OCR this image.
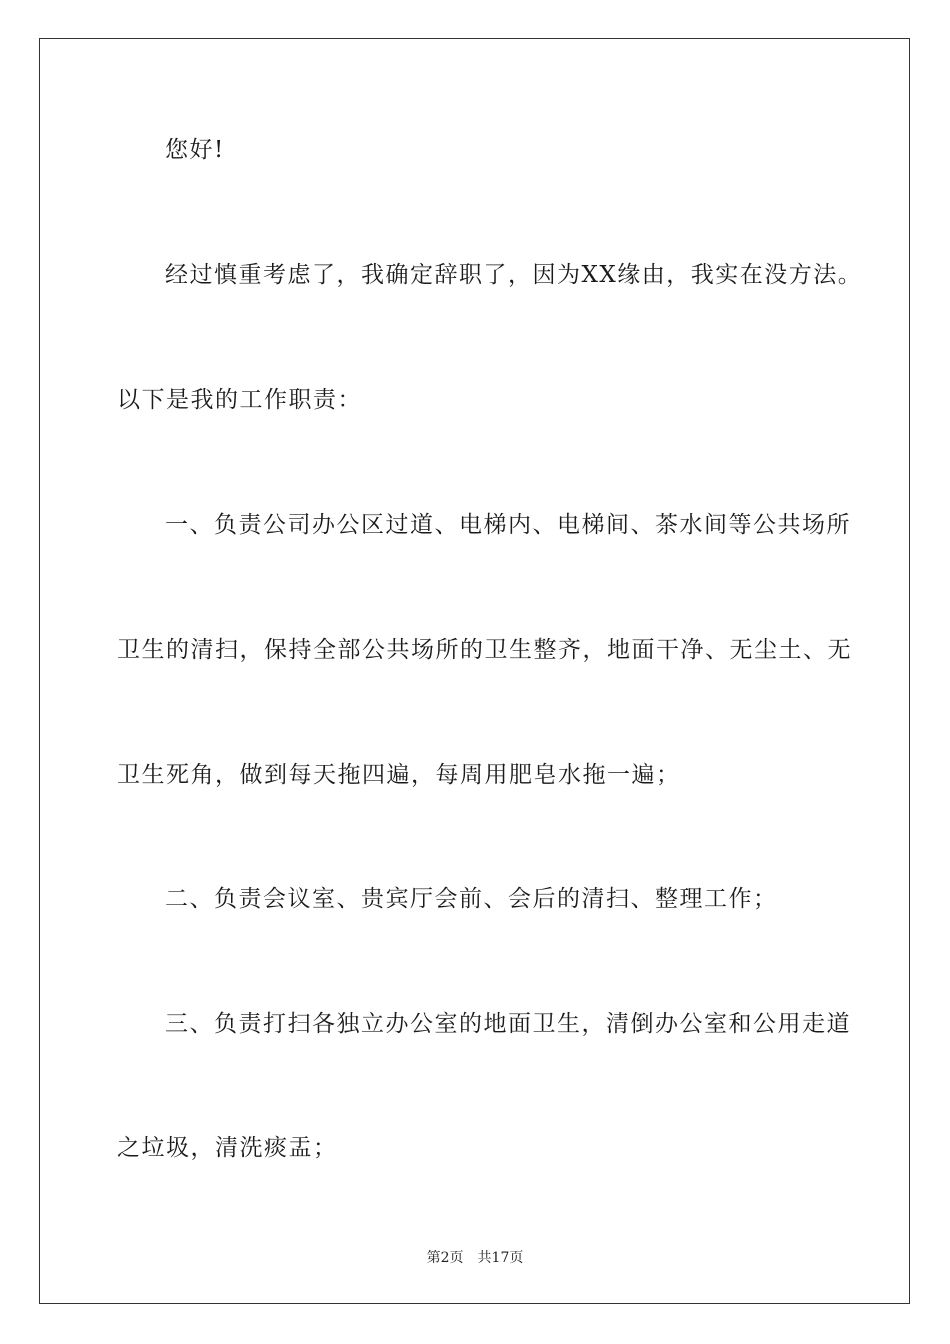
您好!
经过慎重考虑了，我确定辞职了，因为XX缘由，我实在没方法。
以下是我的工作职责：
一、负责公司办公区过道、电梯内、电梯间、茶水间等公共场所
卫生的清扫，保持全部公共场所的卫生整齐，地面干净、无尘土、无
卫生死角，做到每天拖四遍，每周用肥皂水拖一遍；
二、负责会议室、贵宾厅会前、会后的清扫、整理工作；
三、负责打扫各独立办公室的地面卫生，清倒办公室和公用走道
之垃圾，清洗痰盂；
第2页 共17页
